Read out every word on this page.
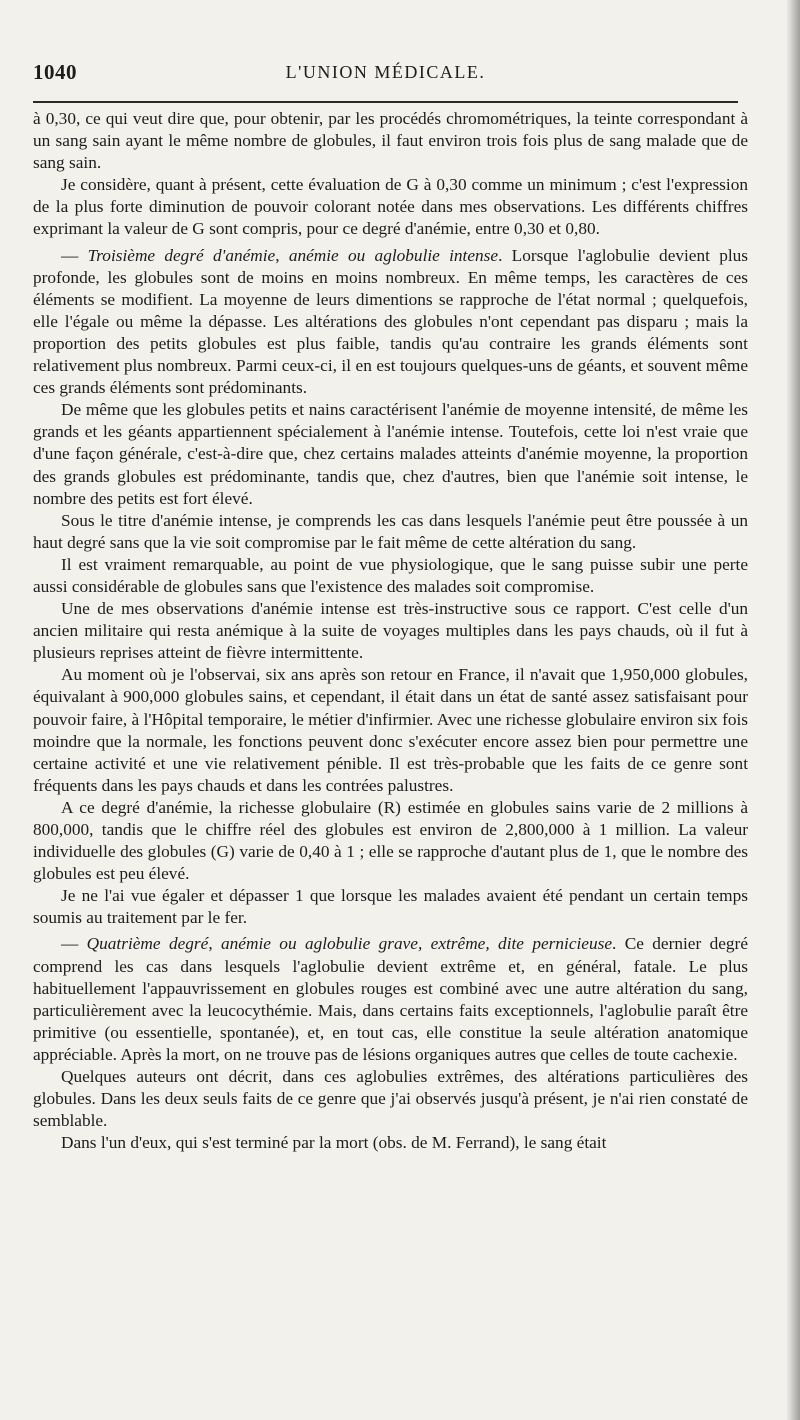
1040	L'UNION MÉDICALE.

à 0,30, ce qui veut dire que, pour obtenir, par les procédés chromométriques, la teinte correspondant à un sang sain ayant le même nombre de globules, il faut environ trois fois plus de sang malade que de sang sain.

Je considère, quant à présent, cette évaluation de G à 0,30 comme un minimum ; c'est l'expression de la plus forte diminution de pouvoir colorant notée dans mes observations. Les différents chiffres exprimant la valeur de G sont compris, pour ce degré d'anémie, entre 0,30 et 0,80.

— Troisième degré d'anémie, anémie ou aglobulie intense. Lorsque l'aglobulie devient plus profonde, les globules sont de moins en moins nombreux. En même temps, les caractères de ces éléments se modifient. La moyenne de leurs dimentions se rapproche de l'état normal ; quelquefois, elle l'égale ou même la dépasse. Les altérations des globules n'ont cependant pas disparu ; mais la proportion des petits globules est plus faible, tandis qu'au contraire les grands éléments sont relativement plus nombreux. Parmi ceux-ci, il en est toujours quelques-uns de géants, et souvent même ces grands éléments sont prédominants.

De même que les globules petits et nains caractérisent l'anémie de moyenne intensité, de même les grands et les géants appartiennent spécialement à l'anémie intense. Toutefois, cette loi n'est vraie que d'une façon générale, c'est-à-dire que, chez certains malades atteints d'anémie moyenne, la proportion des grands globules est prédominante, tandis que, chez d'autres, bien que l'anémie soit intense, le nombre des petits est fort élevé.

Sous le titre d'anémie intense, je comprends les cas dans lesquels l'anémie peut être poussée à un haut degré sans que la vie soit compromise par le fait même de cette altération du sang.

Il est vraiment remarquable, au point de vue physiologique, que le sang puisse subir une perte aussi considérable de globules sans que l'existence des malades soit compromise.

Une de mes observations d'anémie intense est très-instructive sous ce rapport. C'est celle d'un ancien militaire qui resta anémique à la suite de voyages multiples dans les pays chauds, où il fut à plusieurs reprises atteint de fièvre intermittente.

Au moment où je l'observai, six ans après son retour en France, il n'avait que 1,950,000 globules, équivalant à 900,000 globules sains, et cependant, il était dans un état de santé assez satisfaisant pour pouvoir faire, à l'Hôpital temporaire, le métier d'infirmier. Avec une richesse globulaire environ six fois moindre que la normale, les fonctions peuvent donc s'exécuter encore assez bien pour permettre une certaine activité et une vie relativement pénible. Il est très-probable que les faits de ce genre sont fréquents dans les pays chauds et dans les contrées palustres.

A ce degré d'anémie, la richesse globulaire (R) estimée en globules sains varie de 2 millions à 800,000, tandis que le chiffre réel des globules est environ de 2,800,000 à 1 million. La valeur individuelle des globules (G) varie de 0,40 à 1 ; elle se rapproche d'autant plus de 1, que le nombre des globules est peu élevé.

Je ne l'ai vue égaler et dépasser 1 que lorsque les malades avaient été pendant un certain temps soumis au traitement par le fer.

— Quatrième degré, anémie ou aglobulie grave, extrême, dite pernicieuse. Ce dernier degré comprend les cas dans lesquels l'aglobulie devient extrême et, en général, fatale. Le plus habituellement l'appauvrissement en globules rouges est combiné avec une autre altération du sang, particulièrement avec la leucocythémie. Mais, dans certains faits exceptionnels, l'aglobulie paraît être primitive (ou essentielle, spontanée), et, en tout cas, elle constitue la seule altération anatomique appréciable. Après la mort, on ne trouve pas de lésions organiques autres que celles de toute cachexie.

Quelques auteurs ont décrit, dans ces aglobulies extrêmes, des altérations particulières des globules. Dans les deux seuls faits de ce genre que j'ai observés jusqu'à présent, je n'ai rien constaté de semblable.

Dans l'un d'eux, qui s'est terminé par la mort (obs. de M. Ferrand), le sang était
